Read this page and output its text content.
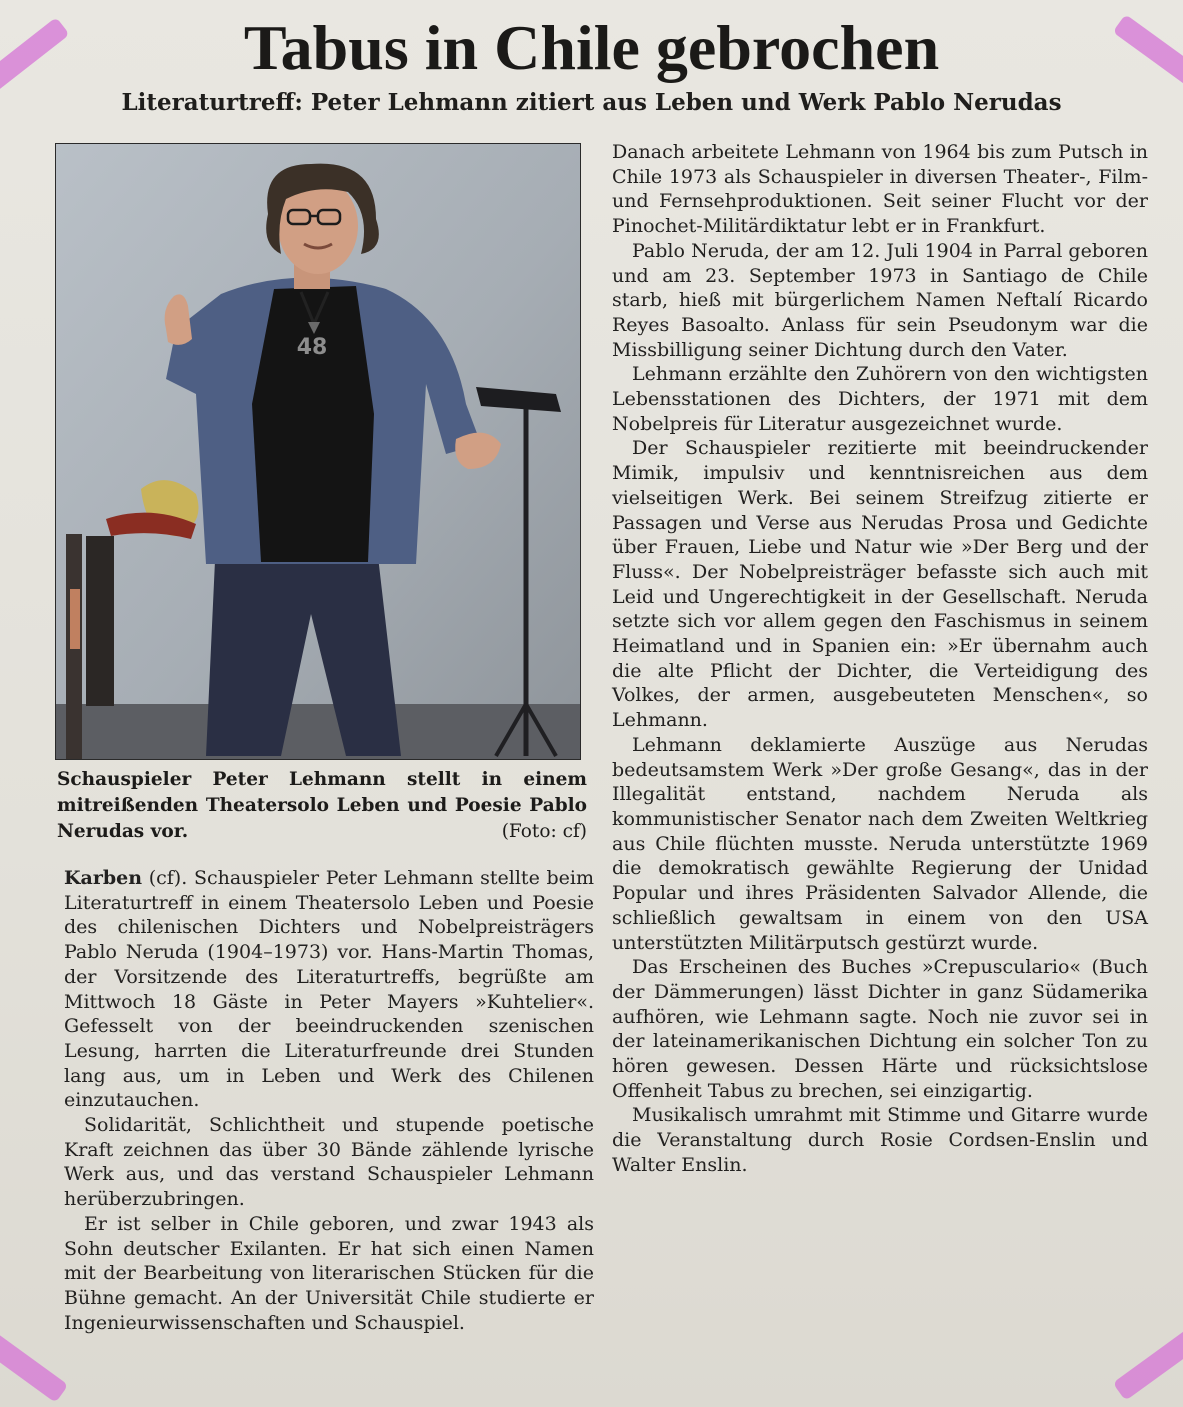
Tabus in Chile gebrochen
Literaturtreff: Peter Lehmann zitiert aus Leben und Werk Pablo Nerudas
48
Schauspieler Peter Lehmann stellt in einem mitreißenden Theatersolo Leben und Poesie Pablo Nerudas vor.	(Foto: cf)

Karben (cf). Schauspieler Peter Lehmann stellte beim Literaturtreff in einem Theatersolo Leben und Poesie des chilenischen Dichters und Nobelpreisträgers Pablo Neruda (1904–1973) vor. Hans-Martin Thomas, der Vorsitzende des Literaturtreffs, begrüßte am Mittwoch 18 Gäste in Peter Mayers »Kuhtelier«. Gefesselt von der beeindruckenden szenischen Lesung, harrten die Literaturfreunde drei Stunden lang aus, um in Leben und Werk des Chilenen einzutauchen.

Solidarität, Schlichtheit und stupende poetische Kraft zeichnen das über 30 Bände zählende lyrische Werk aus, und das verstand Schauspieler Lehmann herüberzubringen.

Er ist selber in Chile geboren, und zwar 1943 als Sohn deutscher Exilanten. Er hat sich einen Namen mit der Bearbeitung von literarischen Stücken für die Bühne gemacht. An der Universität Chile studierte er Ingenieurwissenschaften und Schauspiel.

Danach arbeitete Lehmann von 1964 bis zum Putsch in Chile 1973 als Schauspieler in diversen Theater-, Film- und Fernsehproduktionen. Seit seiner Flucht vor der Pinochet-Militärdiktatur lebt er in Frankfurt.

Pablo Neruda, der am 12. Juli 1904 in Parral geboren und am 23. September 1973 in Santiago de Chile starb, hieß mit bürgerlichem Namen Neftalí Ricardo Reyes Basoalto. Anlass für sein Pseudonym war die Missbilligung seiner Dichtung durch den Vater.

Lehmann erzählte den Zuhörern von den wichtigsten Lebensstationen des Dichters, der 1971 mit dem Nobelpreis für Literatur ausgezeichnet wurde.

Der Schauspieler rezitierte mit beeindruckender Mimik, impulsiv und kenntnisreichen aus dem vielseitigen Werk. Bei seinem Streifzug zitierte er Passagen und Verse aus Nerudas Prosa und Gedichte über Frauen, Liebe und Natur wie »Der Berg und der Fluss«. Der Nobelpreisträger befasste sich auch mit Leid und Ungerechtigkeit in der Gesellschaft. Neruda setzte sich vor allem gegen den Faschismus in seinem Heimatland und in Spanien ein: »Er übernahm auch die alte Pflicht der Dichter, die Verteidigung des Volkes, der armen, ausgebeuteten Menschen«, so Lehmann.

Lehmann deklamierte Auszüge aus Nerudas bedeutsamstem Werk »Der große Gesang«, das in der Illegalität entstand, nachdem Neruda als kommunistischer Senator nach dem Zweiten Weltkrieg aus Chile flüchten musste. Neruda unterstützte 1969 die demokratisch gewählte Regierung der Unidad Popular und ihres Präsidenten Salvador Allende, die schließlich gewaltsam in einem von den USA unterstützten Militärputsch gestürzt wurde.

Das Erscheinen des Buches »Crepusculario« (Buch der Dämmerungen) lässt Dichter in ganz Südamerika aufhören, wie Lehmann sagte. Noch nie zuvor sei in der lateinamerikanischen Dichtung ein solcher Ton zu hören gewesen. Dessen Härte und rücksichtslose Offenheit Tabus zu brechen, sei einzigartig.

Musikalisch umrahmt mit Stimme und Gitarre wurde die Veranstaltung durch Rosie Cordsen-Enslin und Walter Enslin.
